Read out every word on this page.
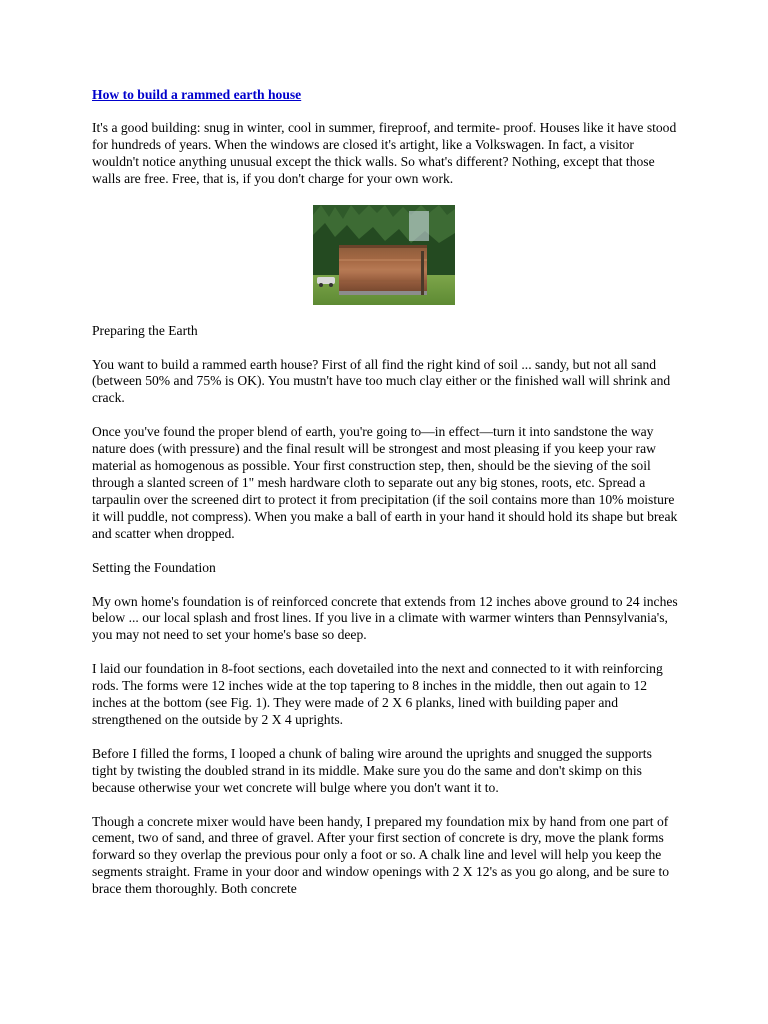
How to build a rammed earth house

It's a good building: snug in winter, cool in summer, fireproof, and termite- proof. Houses like it have stood for hundreds of years. When the windows are closed it's artight, like a Volkswagen. In fact, a visitor wouldn't notice anything unusual except the thick walls. So what's different? Nothing, except that those walls are free. Free, that is, if you don't charge for your own work.

Preparing the Earth

You want to build a rammed earth house? First of all find the right kind of soil ... sandy, but not all sand (between 50% and 75% is OK). You mustn't have too much clay either or the finished wall will shrink and crack.

Once you've found the proper blend of earth, you're going to—in effect—turn it into sandstone the way nature does (with pressure) and the final result will be strongest and most pleasing if you keep your raw material as homogenous as possible. Your first construction step, then, should be the sieving of the soil through a slanted screen of 1" mesh hardware cloth to separate out any big stones, roots, etc. Spread a tarpaulin over the screened dirt to protect it from precipitation (if the soil contains more than 10% moisture it will puddle, not compress). When you make a ball of earth in your hand it should hold its shape but break and scatter when dropped.

Setting the Foundation

My own home's foundation is of reinforced concrete that extends from 12 inches above ground to 24 inches below ... our local splash and frost lines. If you live in a climate with warmer winters than Pennsylvania's, you may not need to set your home's base so deep.

I laid our foundation in 8-foot sections, each dovetailed into the next and connected to it with reinforcing rods. The forms were 12 inches wide at the top tapering to 8 inches in the middle, then out again to 12 inches at the bottom (see Fig. 1). They were made of 2 X 6 planks, lined with building paper and strengthened on the outside by 2 X 4 uprights.

Before I filled the forms, I looped a chunk of baling wire around the uprights and snugged the supports tight by twisting the doubled strand in its middle. Make sure you do the same and don't skimp on this because otherwise your wet concrete will bulge where you don't want it to.

Though a concrete mixer would have been handy, I prepared my foundation mix by hand from one part of cement, two of sand, and three of gravel. After your first section of concrete is dry, move the plank forms forward so they overlap the previous pour only a foot or so. A chalk line and level will help you keep the segments straight. Frame in your door and window openings with 2 X 12's as you go along, and be sure to brace them thoroughly. Both concrete
